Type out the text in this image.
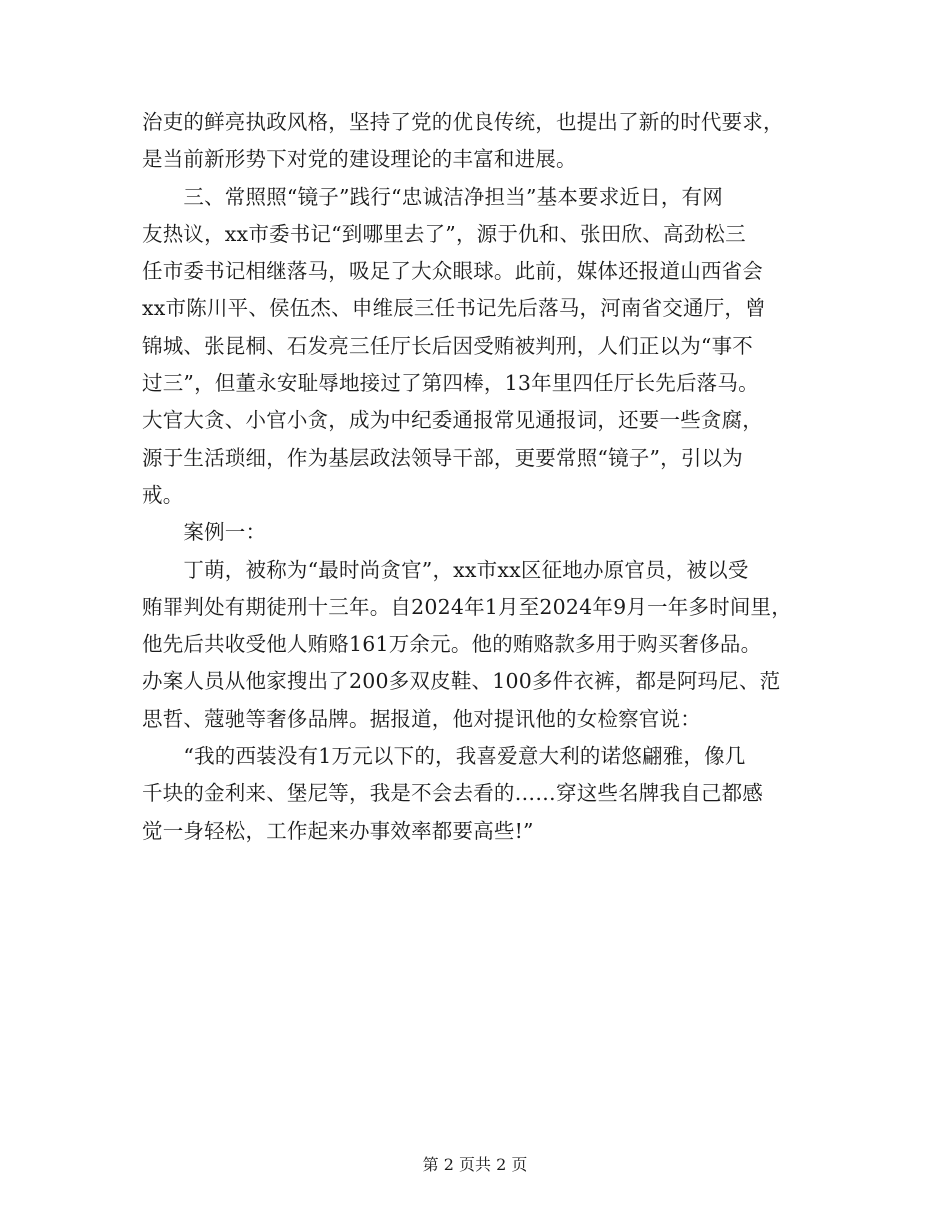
治吏的鲜亮执政风格，坚持了党的优良传统，也提出了新的时代要求，
是当前新形势下对党的建设理论的丰富和进展。
　　三、常照照“镜子”践行“忠诚洁净担当”基本要求近日，有网
友热议，xx市委书记“到哪里去了”，源于仇和、张田欣、高劲松三
任市委书记相继落马，吸足了大众眼球。此前，媒体还报道山西省会
xx市陈川平、侯伍杰、申维辰三任书记先后落马，河南省交通厅，曾
锦城、张昆桐、石发亮三任厅长后因受贿被判刑，人们正以为“事不
过三”，但董永安耻辱地接过了第四棒，13年里四任厅长先后落马。
大官大贪、小官小贪，成为中纪委通报常见通报词，还要一些贪腐，
源于生活琐细，作为基层政法领导干部，更要常照“镜子”，引以为
戒。
　　案例一：
　　丁萌，被称为“最时尚贪官”，xx市xx区征地办原官员，被以受
贿罪判处有期徒刑十三年。自2024年1月至2024年9月一年多时间里，
他先后共收受他人贿赂161万余元。他的贿赂款多用于购买奢侈品。
办案人员从他家搜出了200多双皮鞋、100多件衣裤，都是阿玛尼、范
思哲、蔻驰等奢侈品牌。据报道，他对提讯他的女检察官说：
　　“我的西装没有1万元以下的，我喜爱意大利的诺悠翩雅，像几
千块的金利来、堡尼等，我是不会去看的……穿这些名牌我自己都感
觉一身轻松，工作起来办事效率都要高些!”
第 2 页共 2 页
